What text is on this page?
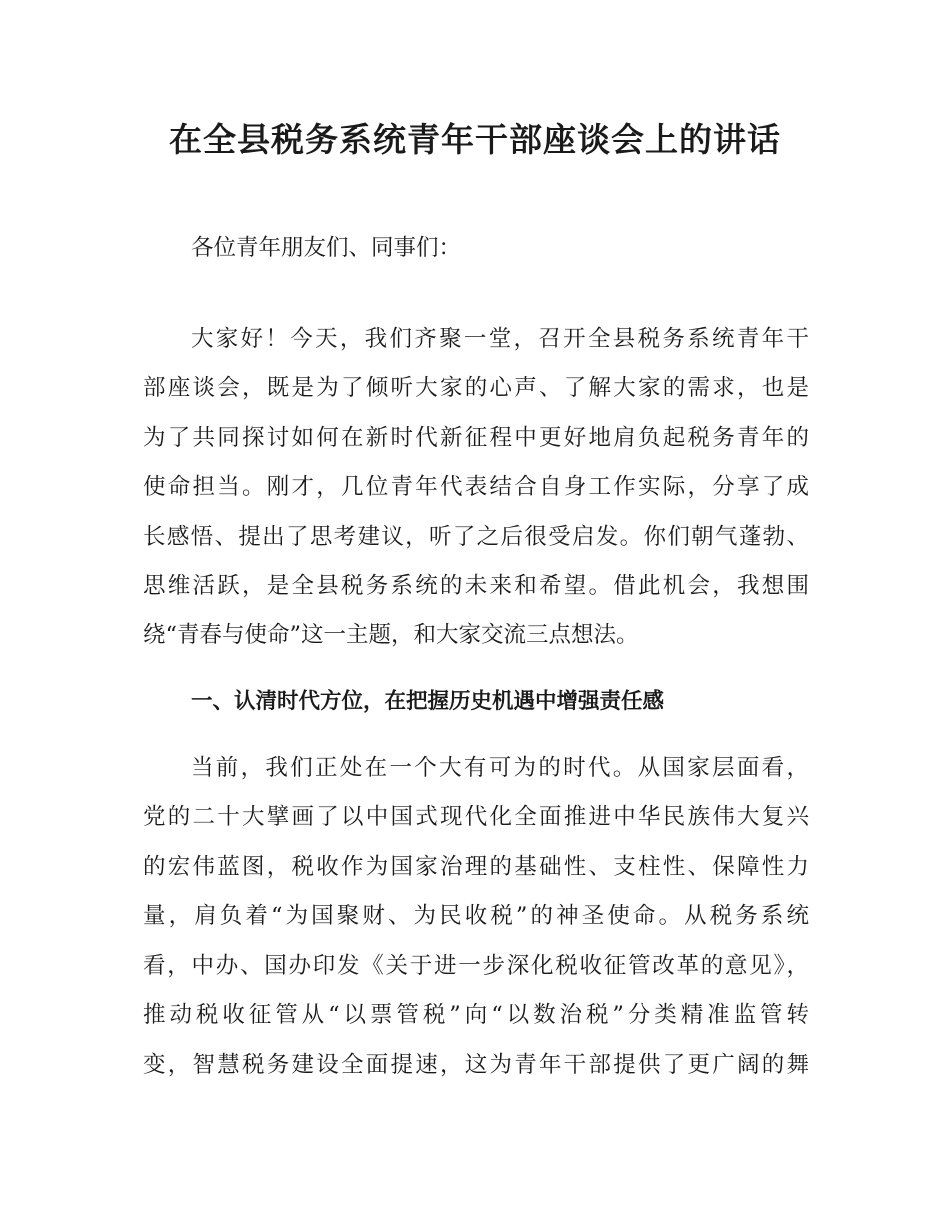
在全县税务系统青年干部座谈会上的讲话

各位青年朋友们、同事们：

大家好！今天，我们齐聚一堂，召开全县税务系统青年干

部座谈会，既是为了倾听大家的心声、了解大家的需求，也是

为了共同探讨如何在新时代新征程中更好地肩负起税务青年的

使命担当。刚才，几位青年代表结合自身工作实际，分享了成

长感悟、提出了思考建议，听了之后很受启发。你们朝气蓬勃、

思维活跃，是全县税务系统的未来和希望。借此机会，我想围

绕“青春与使命”这一主题，和大家交流三点想法。

一、认清时代方位，在把握历史机遇中增强责任感

当前，我们正处在一个大有可为的时代。从国家层面看，

党的二十大擘画了以中国式现代化全面推进中华民族伟大复兴

的宏伟蓝图，税收作为国家治理的基础性、支柱性、保障性力

量，肩负着“为国聚财、为民收税”的神圣使命。从税务系统

看，中办、国办印发《关于进一步深化税收征管改革的意见》，

推动税收征管从“以票管税”向“以数治税”分类精准监管转

变，智慧税务建设全面提速，这为青年干部提供了更广阔的舞
